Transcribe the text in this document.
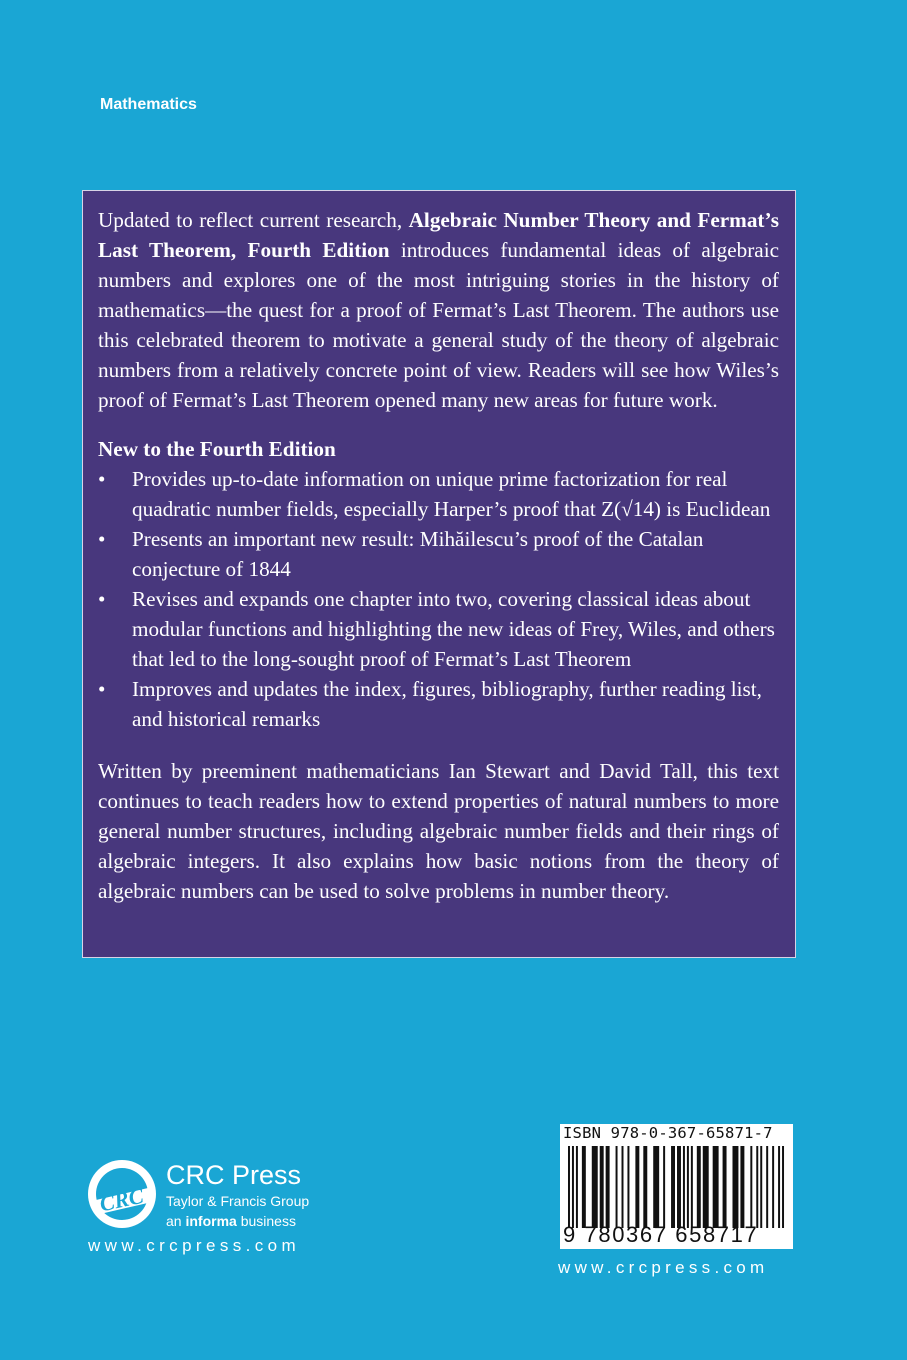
Mathematics

Updated to reflect current research, Algebraic Number Theory and Fermat’s Last Theorem, Fourth Edition introduces fundamental ideas of algebraic numbers and explores one of the most intriguing stories in the history of mathematics—the quest for a proof of Fermat’s Last Theorem. The authors use this celebrated theorem to motivate a general study of the theory of algebraic numbers from a relatively concrete point of view. Readers will see how Wiles’s proof of Fermat’s Last Theorem opened many new areas for future work.

New to the Fourth Edition

• Provides up-to-date information on unique prime factorization for real quadratic number fields, especially Harper’s proof that Z(√14) is Euclidean
• Presents an important new result: Mihăilescu’s proof of the Catalan conjecture of 1844
• Revises and expands one chapter into two, covering classical ideas about modular functions and highlighting the new ideas of Frey, Wiles, and others that led to the long-sought proof of Fermat’s Last Theorem
• Improves and updates the index, figures, bibliography, further reading list, and historical remarks

Written by preeminent mathematicians Ian Stewart and David Tall, this text continues to teach readers how to extend properties of natural numbers to more general number structures, including algebraic number fields and their rings of algebraic integers. It also explains how basic notions from the theory of algebraic numbers can be used to solve problems in number theory.

CRC
CRC Press
Taylor & Francis Group
an informa business
www.crcpress.com
ISBN 978-0-367-65871-7
9 780367 658717
www.crcpress.com
